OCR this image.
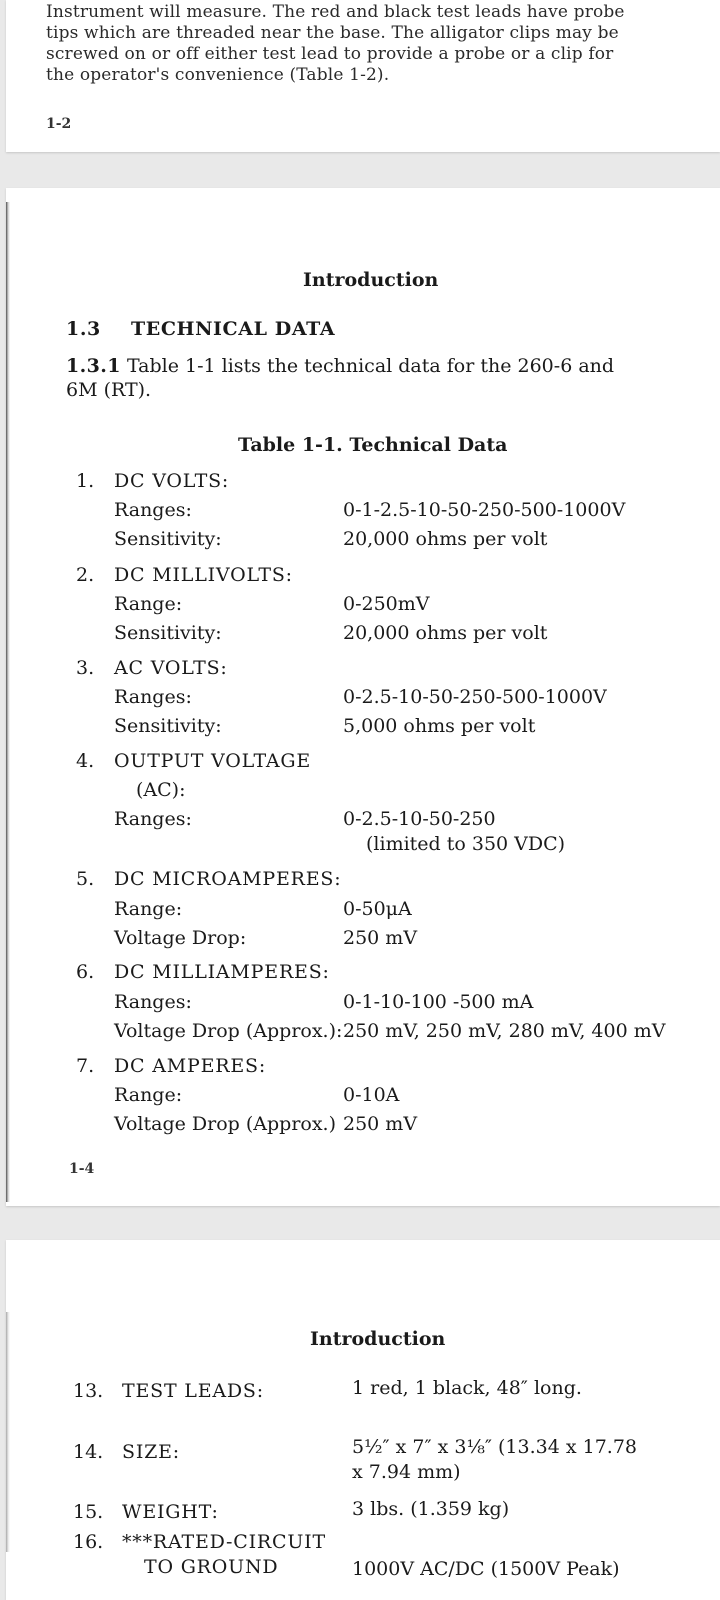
Instrument will measure. The red and black test leads have probe tips which are threaded near the base. The alligator clips may be screwed on or off either test lead to provide a probe or a clip for the operator's convenience (Table 1-2).
1-2
Introduction
1.3 TECHNICAL DATA
1.3.1 Table 1-1 lists the technical data for the 260-6 and
6M (RT).
Table 1-1. Technical Data
1. DC VOLTS:
Ranges:	0-1-2.5-10-50-250-500-1000V
Sensitivity:	20,000 ohms per volt
2. DC MILLIVOLTS:
Range:	0-250mV
Sensitivity:	20,000 ohms per volt
3. AC VOLTS:
Ranges:	0-2.5-10-50-250-500-1000V
Sensitivity:	5,000 ohms per volt
4. OUTPUT VOLTAGE
(AC):
Ranges:	0-2.5-10-50-250
(limited to 350 VDC)
5. DC MICROAMPERES:
Range:	0-50μA
Voltage Drop:	250 mV
6. DC MILLIAMPERES:
Ranges:	0-1-10-100 -500 mA
Voltage Drop (Approx.): 250 mV, 250 mV, 280 mV, 400 mV
7. DC AMPERES:
Range:	0-10A
Voltage Drop (Approx.) 250 mV
1-4
Introduction
13. TEST LEADS:	1 red, 1 black, 48″ long.
14. SIZE:	5½″ x 7″ x 3⅛″ (13.34 x 17.78
x 7.94 mm)
15. WEIGHT:	3 lbs. (1.359 kg)
16. ***RATED-CIRCUIT
TO GROUND	1000V AC/DC (1500V Peak)
